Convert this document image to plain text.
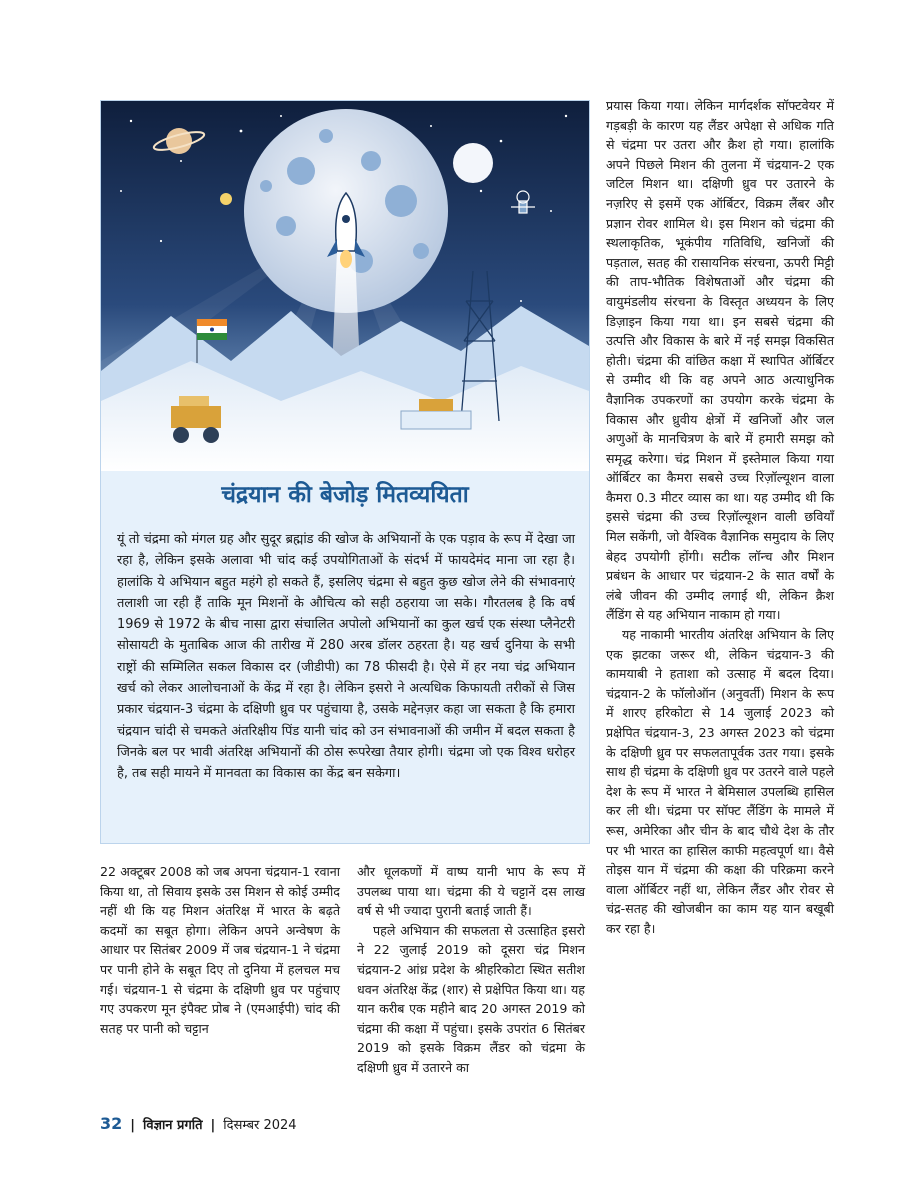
चंद्रयान की बेजोड़ मितव्ययिता

यूं तो चंद्रमा को मंगल ग्रह और सुदूर ब्रह्मांड की खोज के अभियानों के एक पड़ाव के रूप में देखा जा रहा है, लेकिन इसके अलावा भी चांद कई उपयोगिताओं के संदर्भ में फायदेमंद माना जा रहा है। हालांकि ये अभियान बहुत महंगे हो सकते हैं, इसलिए चंद्रमा से बहुत कुछ खोज लेने की संभावनाएं तलाशी जा रही हैं ताकि मून मिशनों के औचित्य को सही ठहराया जा सके। गौरतलब है कि वर्ष 1969 से 1972 के बीच नासा द्वारा संचालित अपोलो अभियानों का कुल खर्च एक संस्था प्लैनेटरी सोसायटी के मुताबिक आज की तारीख में 280 अरब डॉलर ठहरता है। यह खर्च दुनिया के सभी राष्ट्रों की सम्मिलित सकल विकास दर (जीडीपी) का 78 फीसदी है। ऐसे में हर नया चंद्र अभियान खर्च को लेकर आलोचनाओं के केंद्र में रहा है। लेकिन इसरो ने अत्यधिक किफायती तरीकों से जिस प्रकार चंद्रयान-3 चंद्रमा के दक्षिणी ध्रुव पर पहुंचाया है, उसके मद्देनज़र कहा जा सकता है कि हमारा चंद्रयान चांदी से चमकते अंतरिक्षीय पिंड यानी चांद को उन संभावनाओं की जमीन में बदल सकता है जिनके बल पर भावी अंतरिक्ष अभियानों की ठोस रूपरेखा तैयार होगी। चंद्रमा जो एक विश्व धरोहर है, तब सही मायने में मानवता का विकास का केंद्र बन सकेगा।

प्रयास किया गया। लेकिन मार्गदर्शक सॉफ्टवेयर में गड़बड़ी के कारण यह लैंडर अपेक्षा से अधिक गति से चंद्रमा पर उतरा और क्रैश हो गया। हालांकि अपने पिछले मिशन की तुलना में चंद्रयान-2 एक जटिल मिशन था। दक्षिणी ध्रुव पर उतारने के नज़रिए से इसमें एक ऑर्बिटर, विक्रम लैंबर और प्रज्ञान रोवर शामिल थे। इस मिशन को चंद्रमा की स्थलाकृतिक, भूकंपीय गतिविधि, खनिजों की पड़ताल, सतह की रासायनिक संरचना, ऊपरी मिट्टी की ताप-भौतिक विशेषताओं और चंद्रमा की वायुमंडलीय संरचना के विस्तृत अध्ययन के लिए डिज़ाइन किया गया था। इन सबसे चंद्रमा की उत्पत्ति और विकास के बारे में नई समझ विकसित होती। चंद्रमा की वांछित कक्षा में स्थापित ऑर्बिटर से उम्मीद थी कि वह अपने आठ अत्याधुनिक वैज्ञानिक उपकरणों का उपयोग करके चंद्रमा के विकास और ध्रुवीय क्षेत्रों में खनिजों और जल अणुओं के मानचित्रण के बारे में हमारी समझ को समृद्ध करेगा। चंद्र मिशन में इस्तेमाल किया गया ऑर्बिटर का कैमरा सबसे उच्च रिज़ॉल्यूशन वाला कैमरा 0.3 मीटर व्यास का था। यह उम्मीद थी कि इससे चंद्रमा की उच्च रिज़ॉल्यूशन वाली छवियाँ मिल सकेंगी, जो वैश्विक वैज्ञानिक समुदाय के लिए बेहद उपयोगी होंगी। सटीक लॉन्च और मिशन प्रबंधन के आधार पर चंद्रयान-2 के सात वर्षों के लंबे जीवन की उम्मीद लगाई थी, लेकिन क्रैश लैंडिंग से यह अभियान नाकाम हो गया।

यह नाकामी भारतीय अंतरिक्ष अभियान के लिए एक झटका जरूर थी, लेकिन चंद्रयान-3 की कामयाबी ने हताशा को उत्साह में बदल दिया। चंद्रयान-2 के फॉलोऑन (अनुवर्ती) मिशन के रूप में शारए हरिकोटा से 14 जुलाई 2023 को प्रक्षेपित चंद्रयान-3, 23 अगस्त 2023 को चंद्रमा के दक्षिणी ध्रुव पर सफलतापूर्वक उतर गया। इसके साथ ही चंद्रमा के दक्षिणी ध्रुव पर उतरने वाले पहले देश के रूप में भारत ने बेमिसाल उपलब्धि हासिल कर ली थी। चंद्रमा पर सॉफ्ट लैंडिंग के मामले में रूस, अमेरिका और चीन के बाद चौथे देश के तौर पर भी भारत का हासिल काफी महत्वपूर्ण था। वैसे तोइस यान में चंद्रमा की कक्षा की परिक्रमा करने वाला ऑर्बिटर नहीं था, लेकिन लैंडर और रोवर से चंद्र-सतह की खोजबीन का काम यह यान बखूबी कर रहा है।

22 अक्टूबर 2008 को जब अपना चंद्रयान-1 रवाना किया था, तो सिवाय इसके उस मिशन से कोई उम्मीद नहीं थी कि यह मिशन अंतरिक्ष में भारत के बढ़ते कदमों का सबूत होगा। लेकिन अपने अन्वेषण के आधार पर सितंबर 2009 में जब चंद्रयान-1 ने चंद्रमा पर पानी होने के सबूत दिए तो दुनिया में हलचल मच गई। चंद्रयान-1 से चंद्रमा के दक्षिणी ध्रुव पर पहुंचाए गए उपकरण मून इंपैक्ट प्रोब ने (एमआईपी) चांद की सतह पर पानी को चट्टान

और धूलकणों में वाष्प यानी भाप के रूप में उपलब्ध पाया था। चंद्रमा की ये चट्टानें दस लाख वर्ष से भी ज्यादा पुरानी बताई जाती हैं।

पहले अभियान की सफलता से उत्साहित इसरो ने 22 जुलाई 2019 को दूसरा चंद्र मिशन चंद्रयान-2 आंध्र प्रदेश के श्रीहरिकोटा स्थित सतीश धवन अंतरिक्ष केंद्र (शार) से प्रक्षेपित किया था। यह यान करीब एक महीने बाद 20 अगस्त 2019 को चंद्रमा की कक्षा में पहुंचा। इसके उपरांत 6 सितंबर 2019 को इसके विक्रम लैंडर को चंद्रमा के दक्षिणी ध्रुव में उतारने का

32 | विज्ञान प्रगति | दिसम्बर 2024
